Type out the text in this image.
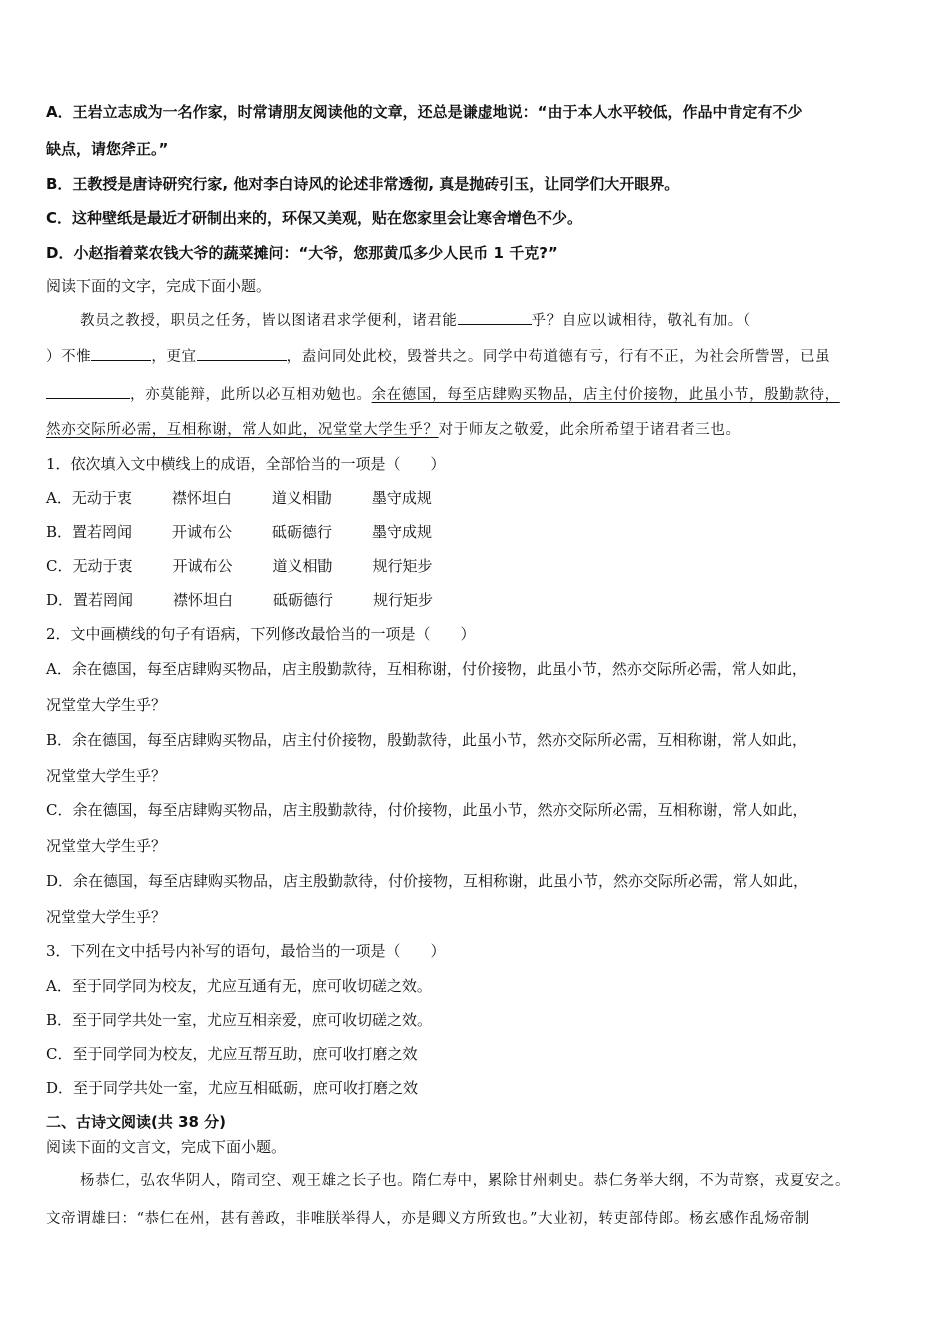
A．王岩立志成为一名作家，时常请朋友阅读他的文章，还总是谦虚地说：“由于本人水平较低，作品中肯定有不少
缺点，请您斧正。”
B．王教授是唐诗研究行家, 他对李白诗风的论述非常透彻, 真是抛砖引玉，让同学们大开眼界。
C．这种壁纸是最近才研制出来的，环保又美观，贴在您家里会让寒舍增色不少。
D．小赵指着菜农钱大爷的蔬菜摊问：“大爷，您那黄瓜多少人民币 1 千克?”
阅读下面的文字，完成下面小题。
教员之教授，职员之任务，皆以图诸君求学便利，诸君能	乎？自应以诚相待，敬礼有加。（
）不惟	，更宜	，盍问同处此校，毁誉共之。同学中苟道德有亏，行有不正，为社会所訾詈，已虽
，亦莫能辩，此所以必互相劝勉也。余在德国，每至店肆购买物品，店主付价接物，此虽小节，殷勤款待，
然亦交际所必需，互相称谢，常人如此，况堂堂大学生乎？对于师友之敬爱，此余所希望于诸君者三也。
1．依次填入文中横线上的成语，全部恰当的一项是（　　）
A．无动于衷	襟怀坦白	道义相勖	墨守成规
B．置若罔闻	开诚布公	砥砺德行	墨守成规
C．无动于衷	开诚布公	道义相勖	规行矩步
D．置若罔闻	襟怀坦白	砥砺德行	规行矩步
2．文中画横线的句子有语病，下列修改最恰当的一项是（　　）
A．余在德国，每至店肆购买物品，店主殷勤款待，互相称谢，付价接物，此虽小节，然亦交际所必需，常人如此，
况堂堂大学生乎？
B．余在德国，每至店肆购买物品，店主付价接物，殷勤款待，此虽小节，然亦交际所必需，互相称谢，常人如此，
况堂堂大学生乎？
C．余在德国，每至店肆购买物品，店主殷勤款待，付价接物，此虽小节，然亦交际所必需，互相称谢，常人如此，
况堂堂大学生乎？
D．余在德国，每至店肆购买物品，店主殷勤款待，付价接物，互相称谢，此虽小节，然亦交际所必需，常人如此，
况堂堂大学生乎？
3．下列在文中括号内补写的语句，最恰当的一项是（　　）
A．至于同学同为校友，尤应互通有无，庶可收切磋之效。
B．至于同学共处一室，尤应互相亲爱，庶可收切磋之效。
C．至于同学同为校友，尤应互帮互助，庶可收打磨之效
D．至于同学共处一室，尤应互相砥砺，庶可收打磨之效
二、古诗文阅读(共 38 分)
阅读下面的文言文，完成下面小题。
杨恭仁，弘农华阴人，隋司空、观王雄之长子也。隋仁寿中，累除甘州刺史。恭仁务举大纲，不为苛察，戎夏安之。
文帝谓雄曰：“恭仁在州，甚有善政，非唯朕举得人，亦是卿义方所致也。”大业初，转吏部侍郎。杨玄感作乱炀帝制
